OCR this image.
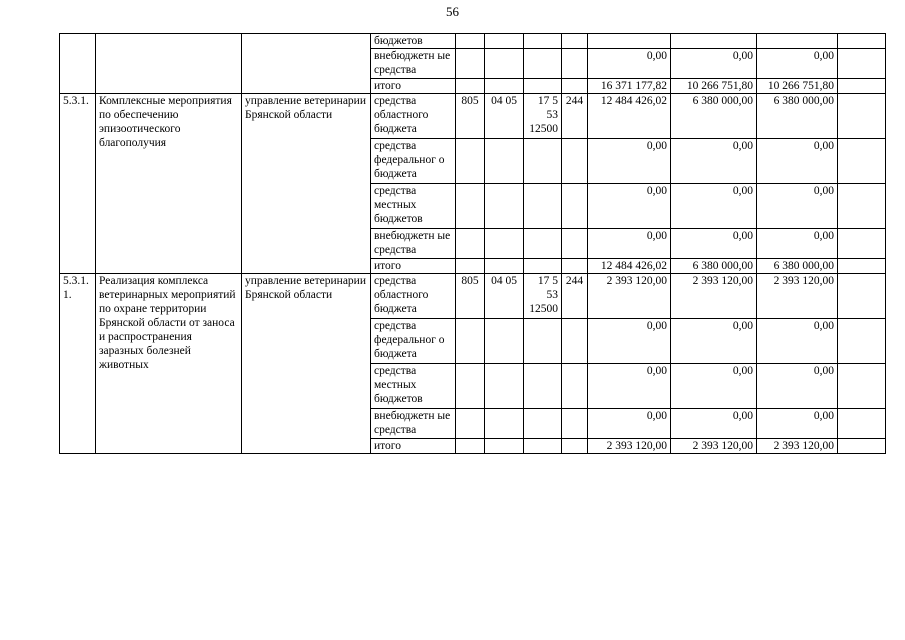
56
			бюджетов								
			внебюджетн ые средства					0,00	0,00	0,00	
			итого					16 371 177,82	10 266 751,80	10 266 751,80	
5.3.1.	Комплексные мероприятия по обеспечению эпизоотического благополучия	управление ветеринарии Брянской области	средства областного бюджета	805	04 05	17 5 53 12500	244	12 484 426,02	6 380 000,00	6 380 000,00	
			средства федеральног о бюджета					0,00	0,00	0,00	
			средства местных бюджетов					0,00	0,00	0,00	
			внебюджетн ые средства					0,00	0,00	0,00	
			итого					12 484 426,02	6 380 000,00	6 380 000,00	
5.3.1. 1.	Реализация комплекса ветеринарных мероприятий по охране территории Брянской области от заноса и распространения заразных болезней животных	управление ветеринарии Брянской области	средства областного бюджета	805	04 05	17 5 53 12500	244	2 393 120,00	2 393 120,00	2 393 120,00	
			средства федеральног о бюджета					0,00	0,00	0,00	
			средства местных бюджетов					0,00	0,00	0,00	
			внебюджетн ые средства					0,00	0,00	0,00	
			итого					2 393 120,00	2 393 120,00	2 393 120,00	
